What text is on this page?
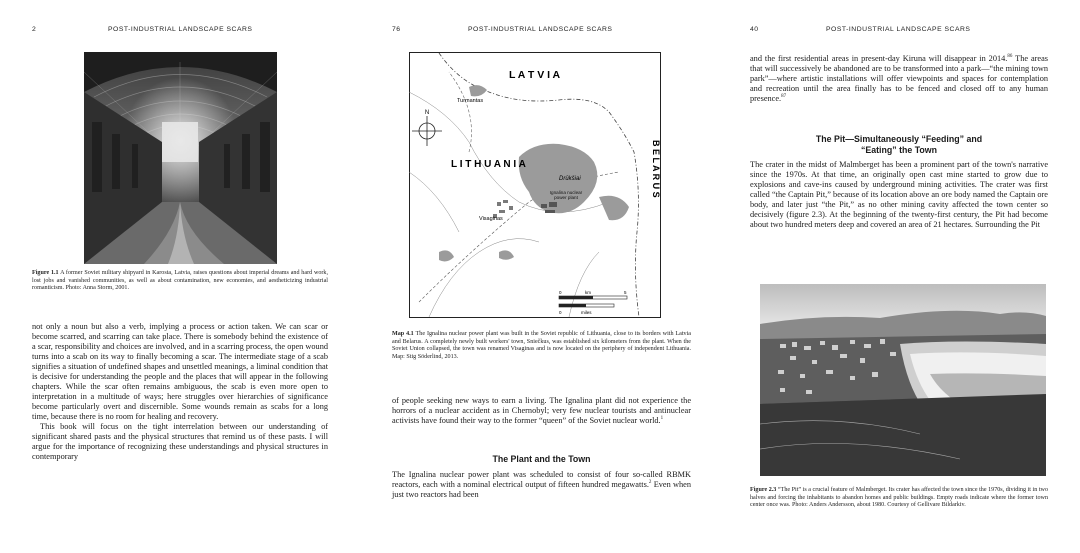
2	POST-INDUSTRIAL LANDSCAPE SCARS

Figure 1.1 A former Soviet military shipyard in Karosta, Latvia, raises questions about imperial dreams and hard work, lost jobs and vanished communities, as well as about contamination, new economies, and aestheticizing industrial romanticism. Photo: Anna Storm, 2001.

not only a noun but also a verb, implying a process or action taken. We can scar or become scarred, and scarring can take place. There is somebody behind the existence of a scar, responsibility and choices are involved, and in a scarring process, the open wound turns into a scab on its way to finally becoming a scar. The intermediate stage of a scab signifies a situation of undefined shapes and unsettled meanings, a liminal condition that is decisive for understanding the people and the places that will appear in the following chapters. While the scar often remains ambiguous, the scab is even more open to interpretation in a multitude of ways; here struggles over hierarchies of significance become particularly overt and discernible. Some wounds remain as scabs for a long time, because there is no room for healing and recovery.

This book will focus on the tight interrelation between our understanding of significant shared pasts and the physical structures that remind us of these pasts. I will argue for the importance of recognizing these understandings and physical structures in contemporary

76	POST-INDUSTRIAL LANDSCAPE SCARS
N
L A T V I A
L I T H U A N I A	B E L A R U S
Turmantas
Visaginas
Drūkšiai
Ignalina nuclear power plant
0	km	5
0	miles

Map 4.1 The Ignalina nuclear power plant was built in the Soviet republic of Lithuania, close to its borders with Latvia and Belarus. A completely newly built workers' town, Sniečkus, was established six kilometers from the plant. When the Soviet Union collapsed, the town was renamed Visaginas and is now located on the periphery of independent Lithuania. Map: Stig Söderlind, 2013.

of people seeking new ways to earn a living. The Ignalina plant did not experience the horrors of a nuclear accident as in Chernobyl; very few nuclear tourists and antinuclear activists have found their way to the former “queen” of the Soviet nuclear world.$^1$

The Plant and the Town

The Ignalina nuclear power plant was scheduled to consist of four so-called RBMK reactors, each with a nominal electrical output of fifteen hundred megawatts.$^2$ Even when just two reactors had been

40	POST-INDUSTRIAL LANDSCAPE SCARS

and the first residential areas in present-day Kiruna will disappear in 2014.86 The areas that will successively be abandoned are to be transformed into a park—“the mining town park”—where artistic installations will offer viewpoints and spaces for contemplation and recreation until the area finally has to be fenced and closed off to any human presence.$^{87}$

The Pit—Simultaneously “Feeding” and

“Eating” the Town

The crater in the midst of Malmberget has been a prominent part of the town's narrative since the 1970s. At that time, an originally open cast mine started to grow due to explosions and cave-ins caused by underground mining activities. The crater was first called “the Captain Pit,” because of its location above an ore body named the Captain ore body, and later just “the Pit,” as no other mining cavity affected the town center so decisively (figure 2.3). At the beginning of the twenty-first century, the Pit had become about two hundred meters deep and covered an area of 21 hectares. Surrounding the Pit

Figure 2.3 “The Pit” is a crucial feature of Malmberget. Its crater has affected the town since the 1970s, dividing it in two halves and forcing the inhabitants to abandon homes and public buildings. Empty roads indicate where the former town center once was. Photo: Anders Andersson, about 1980. Courtesy of Gellivare Bildarkiv.
